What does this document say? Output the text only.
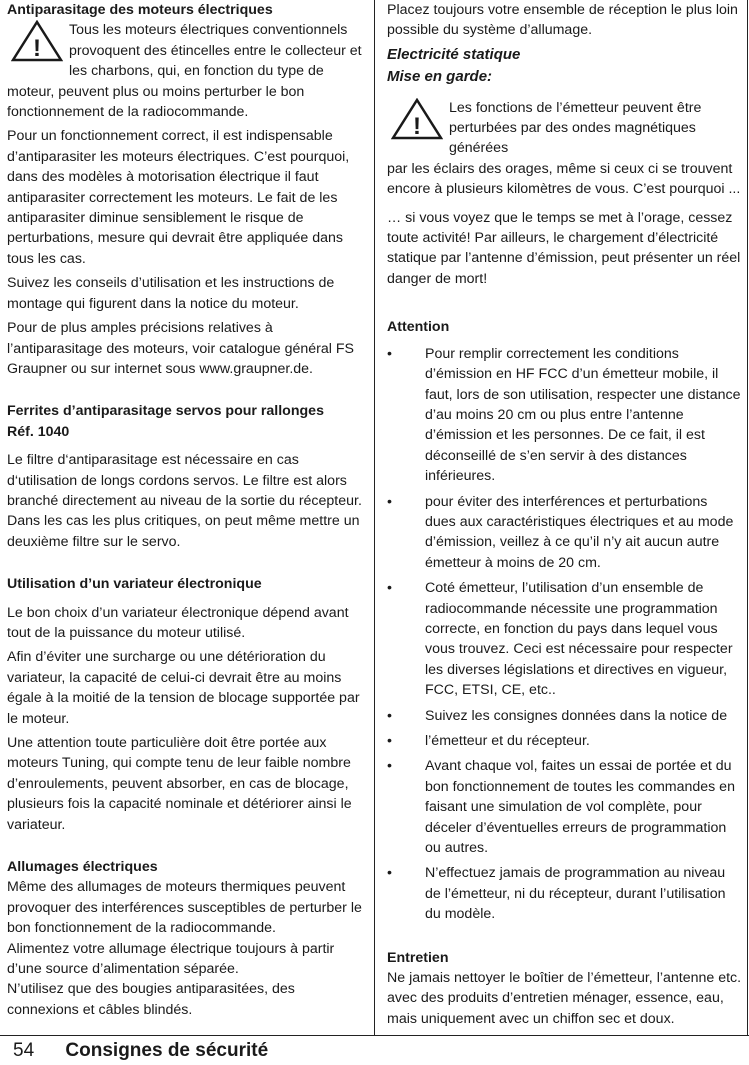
Antiparasitage des moteurs électriques

!
Tous les moteurs électriques conventionnels provoquent des étincelles entre le collecteur et les charbons, qui, en fonction du type de
moteur, peuvent plus ou moins perturber le bon fonctionnement de la radiocommande.

Pour un fonctionnement correct, il est indispensable d’antiparasiter les moteurs électriques. C’est pourquoi, dans des modèles à motorisation électrique il faut antiparasiter correctement les moteurs. Le fait de les antiparasiter diminue sensiblement le risque de perturbations, mesure qui devrait être appliquée dans tous les cas.

Suivez les conseils d’utilisation et les instructions de montage qui figurent dans la notice du moteur.

Pour de plus amples précisions relatives à l’antiparasitage des moteurs, voir catalogue général FS Graupner ou sur internet sous www.graupner.de.

Ferrites d’antiparasitage servos pour rallonges

Réf. 1040

Le filtre d‘antiparasitage est nécessaire en cas d‘utilisation de longs cordons servos. Le filtre est alors branché directement au niveau de la sortie du récepteur. Dans les cas les plus critiques, on peut même mettre un deuxième filtre sur le servo.

Utilisation d’un variateur électronique

Le bon choix d’un variateur électronique dépend avant tout de la puissance du moteur utilisé.

Afin d’éviter une surcharge ou une détérioration du variateur, la capacité de celui-ci devrait être au moins égale à la moitié de la tension de blocage supportée par le moteur.

Une attention toute particulière doit être portée aux moteurs Tuning, qui compte tenu de leur faible nombre d’enroulements, peuvent absorber, en cas de blocage, plusieurs fois la capacité nominale et détériorer ainsi le variateur.

Allumages électriques

Même des allumages de moteurs thermiques peuvent provoquer des interférences susceptibles de perturber le bon fonctionnement de la radiocommande.

Alimentez votre allumage électrique toujours à partir d’une source d’alimentation séparée.

N’utilisez que des bougies antiparasitées, des connexions et câbles blindés.

Placez toujours votre ensemble de réception le plus loin possible du système d’allumage.

Electricité statique

Mise en garde:

!
Les fonctions de l’émetteur peuvent être perturbées par des ondes magnétiques générées
par les éclairs des orages, même si ceux ci se trouvent encore à plusieurs kilomètres de vous. C’est pourquoi ...

… si vous voyez que le temps se met à l’orage, cessez toute activité! Par ailleurs, le chargement d’électricité statique par l’antenne d’émission, peut présenter un réel danger de mort!

Attention

• Pour remplir correctement les conditions d’émission en HF FCC d’un émetteur mobile, il faut, lors de son utilisation, respecter une distance d’au moins 20 cm ou plus entre l’antenne d’émission et les personnes. De ce fait, il est déconseillé de s’en servir à des distances inférieures.
• pour éviter des interférences et perturbations dues aux caractéristiques électriques et au mode d’émission, veillez à ce qu’il n’y ait aucun autre émetteur à moins de 20 cm.
• Coté émetteur, l’utilisation d’un ensemble de radiocommande nécessite une programmation correcte, en fonction du pays dans lequel vous vous trouvez. Ceci est nécessaire pour respecter les diverses législations et directives en vigueur, FCC, ETSI, CE, etc..
• Suivez les consignes données dans la notice de
• l’émetteur et du récepteur.
• Avant chaque vol, faites un essai de portée et du bon fonctionnement de toutes les commandes en faisant une simulation de vol complète, pour déceler d’éventuelles erreurs de programmation ou autres.
• N’effectuez jamais de programmation au niveau de l’émetteur, ni du récepteur, durant l’utilisation du modèle.

Entretien

Ne jamais nettoyer le boîtier de l’émetteur, l’antenne etc. avec des produits d’entretien ménager, essence, eau, mais uniquement avec un chiffon sec et doux.

54 Consignes de sécurité
